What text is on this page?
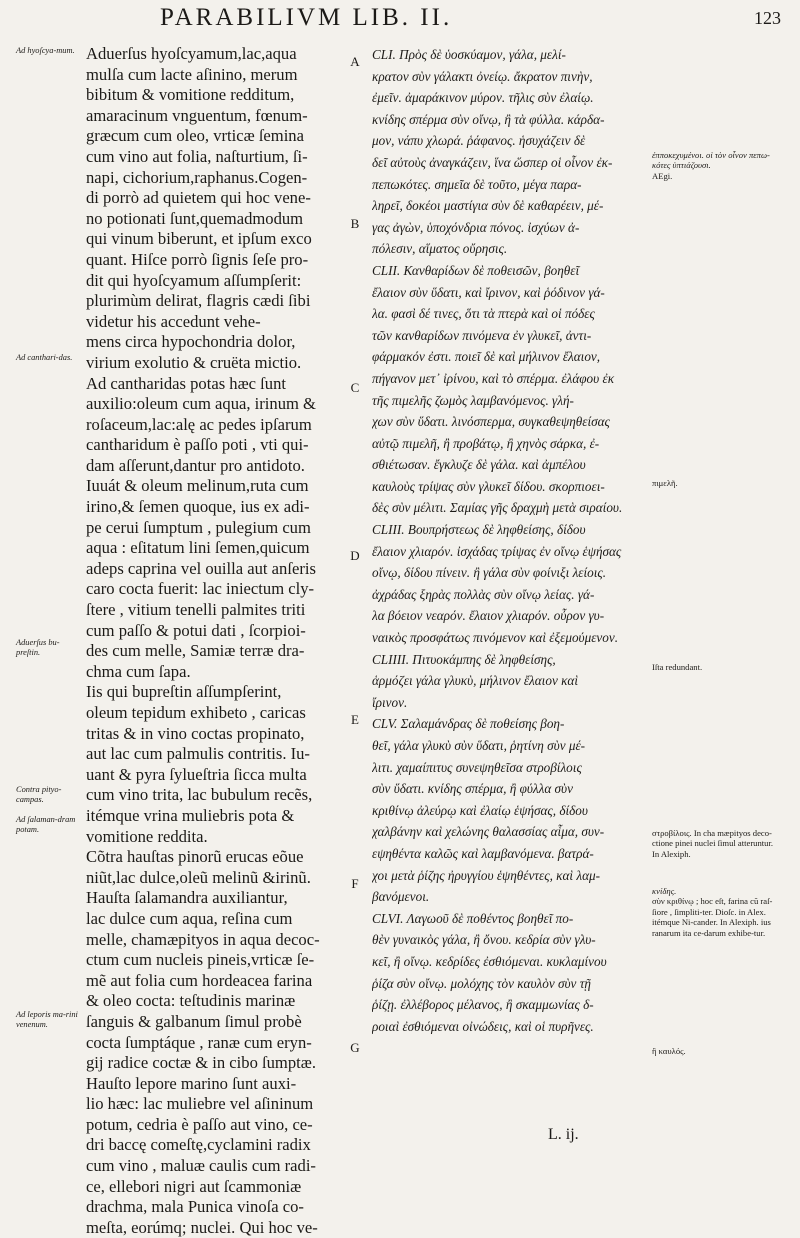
PARABILIVM LIB. II.	123
Aduerſus hyoſcyamum,lac,aqua
mulſa cum lacte aſinino, merum
bibitum & vomitione redditum,
amaracinum vnguentum, fœnum-
græcum cum oleo, vrticæ ſemina
cum vino aut folia, naſturtium, ſi-
napi, cichorium,raphanus.Cogen-
di porrò ad quietem qui hoc vene-
no potionati ſunt,quemadmodum
qui vinum biberunt, et ipſum exco
quant. Hiſce porrò ſignis ſeſe pro-
dit qui hyoſcyamum aſſumpſerit:
plurimùm delirat, flagris cædi ſibi
videtur his accedunt vehe-
mens circa hypochondria dolor,
virium exolutio & cruëta mictio.
Ad cantharidas potas hæc ſunt
auxilio:oleum cum aqua, irinum &
roſaceum,lac:alę ac pedes ipſarum
cantharidum è paſſo poti , vti qui-
dam aſſerunt,dantur pro antidoto.
Iuuát & oleum melinum,ruta cum
irino,& ſemen quoque, ius ex adi-
pe cerui ſumptum , pulegium cum
aqua : eſitatum lini ſemen,quicum
adeps caprina vel ouilla aut anſeris
caro cocta fuerit: lac iniectum cly-
ſtere , vitium tenelli palmites triti
cum paſſo & potui dati , ſcorpioi-
des cum melle, Samiæ terræ dra-
chma cum ſapa.
Iis qui bupreſtin aſſumpſerint,
oleum tepidum exhibeto , caricas
tritas & in vino coctas propinato,
aut lac cum palmulis contritis. Iu-
uant & pyra ſylueſtria ſicca multa
cum vino trita, lac bubulum recẽs,
itémque vrina muliebris pota &
vomitione reddita.
Cõtra hauſtas pinorũ erucas eõue
niũt,lac dulce,oleũ melinũ &irinũ.
Hauſta ſalamandra auxiliantur,
lac dulce cum aqua, reſina cum
melle, chamæpityos in aqua decoc-
ctum cum nucleis pineis,vrticæ ſe-
mẽ aut folia cum hordeacea farina
& oleo cocta: teſtudinis marinæ
ſanguis & galbanum ſimul probè
cocta ſumptáque , ranæ cum eryn-
gij radice coctæ & in cibo ſumptæ.
Hauſto lepore marino ſunt auxi-
lio hæc: lac muliebre vel aſininum
potum, cedria è paſſo aut vino, ce-
dri baccę comeſtę,cyclamini radix
cum vino , maluæ caulis cum radi-
ce, ellebori nigri aut ſcammoniæ
drachma, mala Punica vinoſa co-
meſta, eorúmq; nuclei. Qui hoc ve-
CLI. Πρὸς δὲ ὑοσκύαμον, γάλα, μελί-
κρατον σὺν γάλακτι ὀνείῳ. ἄκρατον πινὴν,
ἐμεῖν. ἀμαράκινον μύρον. τῆλις σὺν ἐλαίῳ.
κνίδης σπέρμα σὺν οἴνῳ, ἢ τὰ φύλλα. κάρδα-
μον, νάπυ χλωρά. ῥάφανος. ἡσυχάζειν δὲ
δεῖ αὐτοὺς ἀναγκάζειν, ἵνα ὥσπερ οἱ οἶνον ἐκ-
πεπωκότες. σημεῖα δὲ τοῦτο, μέγα παρα-
ληρεῖ, δοκέοι μαστίγια σὺν δὲ καθαρέειν, μέ-
γας ἀγὼν, ὑποχόνδρια πόνος. ἰσχύων ἀ-
πόλεσιν, αἵματος οὔρησις.
CLII. Κανθαρίδων δὲ ποθεισῶν, βοηθεῖ
ἔλαιον σὺν ὕδατι, καὶ ἴρινον, καὶ ῥόδινον γά-
λα. φασὶ δέ τινες, ὅτι τὰ πτερὰ καὶ οἱ πόδες
τῶν κανθαρίδων πινόμενα ἐν γλυκεῖ, ἀντι-
φάρμακόν ἐστι. ποιεῖ δὲ καὶ μήλινον ἔλαιον,
πήγανον μετ᾽ ἰρίνου, καὶ τὸ σπέρμα. ἐλάφου ἐκ
τῆς πιμελῆς ζωμὸς λαμβανόμενος. γλή-
χων σὺν ὕδατι. λινόσπερμα, συγκαθεψηθείσας
αὐτῷ πιμελῆ, ἢ προβάτῳ, ἢ χηνὸς σάρκα, ἐ-
σθιέτωσαν. ἔγκλυζε δὲ γάλα. καὶ ἀμπέλου
καυλοὺς τρίψας σὺν γλυκεῖ δίδου. σκορπιοει-
δὲς σὺν μέλιτι. Σαμίας γῆς δραχμὴ μετὰ σιραίου.
CLIII. Βουπρήστεως δὲ ληφθείσης, δίδου
ἔλαιον χλιαρόν. ἰσχάδας τρίψας ἐν οἴνῳ ἑψήσας
οἴνῳ, δίδου πίνειν. ἢ γάλα σὺν φοίνιξι λείοις.
ἀχράδας ξηρὰς πολλὰς σὺν οἴνῳ λείας. γά-
λα βόειον νεαρόν. ἔλαιον χλιαρόν. οὖρον γυ-
ναικὸς προσφάτως πινόμενον καὶ ἐξεμούμενον.
CLIIII. Πιτυοκάμπης δὲ ληφθείσης,
ἁρμόζει γάλα γλυκὺ, μήλινον ἔλαιον καὶ
ἴρινον.
CLV. Σαλαμάνδρας δὲ ποθείσης βοη-
θεῖ, γάλα γλυκὺ σὺν ὕδατι, ῥητίνη σὺν μέ-
λιτι. χαμαίπιτυς συνεψηθεῖσα στροβίλοις
σὺν ὕδατι. κνίδης σπέρμα, ἢ φύλλα σὺν
κριθίνῳ ἀλεύρῳ καὶ ἐλαίῳ ἑψήσας, δίδου
χαλβάνην καὶ χελώνης θαλασσίας αἷμα, συν-
εψηθέντα καλῶς καὶ λαμβανόμενα. βατρά-
χοι μετὰ ῥίζης ἠρυγγίου ἑψηθέντες, καὶ λαμ-
βανόμενοι.
CLVI. Λαγωοῦ δὲ ποθέντος βοηθεῖ πο-
θὲν γυναικὸς γάλα, ἢ ὄνου. κεδρία σὺν γλυ-
κεῖ, ἢ οἴνῳ. κεδρίδες ἐσθιόμεναι. κυκλαμίνου
ῥίζα σὺν οἴνῳ. μολόχης τὸν καυλὸν σὺν τῇ
ῥίζῃ. ἐλλέβορος μέλανος, ἢ σκαμμωνίας δ-
ροιαὶ ἐσθιόμεναι οἰνώδεις, καὶ οἱ πυρῆνες.
Ad hyoſcya-mum.
Ad canthari-das.
Aduerſus bu-preſtin.
Contra pityo-campas.
Ad ſalaman-dram potam.
Ad leporis ma-rini venenum.
ἐπποκεχυμένοι. οἱ τὸν οἶνον πεπω-κότες ὑπτιάζουσι.
AEgi.
πιμελῆ.
Iſta redundant.
στροβίλοις. In cha mæpityos deco-ctione pinei nuclei ſimul atteruntur. In Alexiph.
κνίδης.
σὺν κριθίνῳ ; hoc eſt, farina cũ raſ-ſiore , ſimpliti-ter. Dioſc. in Alex. itémque Ni-cander. In Alexiph. ius ranarum ita ce-darum exhibe-tur.
ἢ καυλός.
A
B
C
D
E
F
G
L. ij.
